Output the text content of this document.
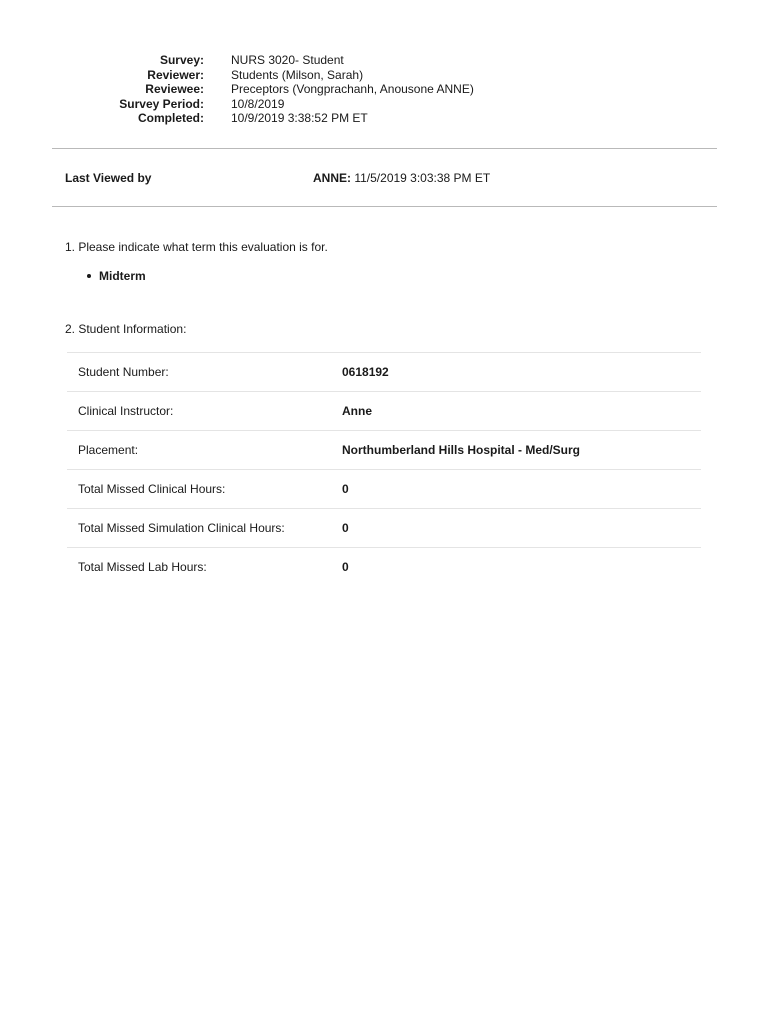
Survey: NURS 3020- Student
Reviewer: Students (Milson, Sarah)
Reviewee: Preceptors (Vongprachanh, Anousone ANNE)
Survey Period: 10/8/2019
Completed: 10/9/2019 3:38:52 PM ET
Last Viewed by	ANNE: 11/5/2019 3:03:38 PM ET
1. Please indicate what term this evaluation is for.
Midterm
2. Student Information:
Student Number:	0618192
Clinical Instructor:	Anne
Placement:	Northumberland Hills Hospital - Med/Surg
Total Missed Clinical Hours:	0
Total Missed Simulation Clinical Hours:	0
Total Missed Lab Hours:	0
